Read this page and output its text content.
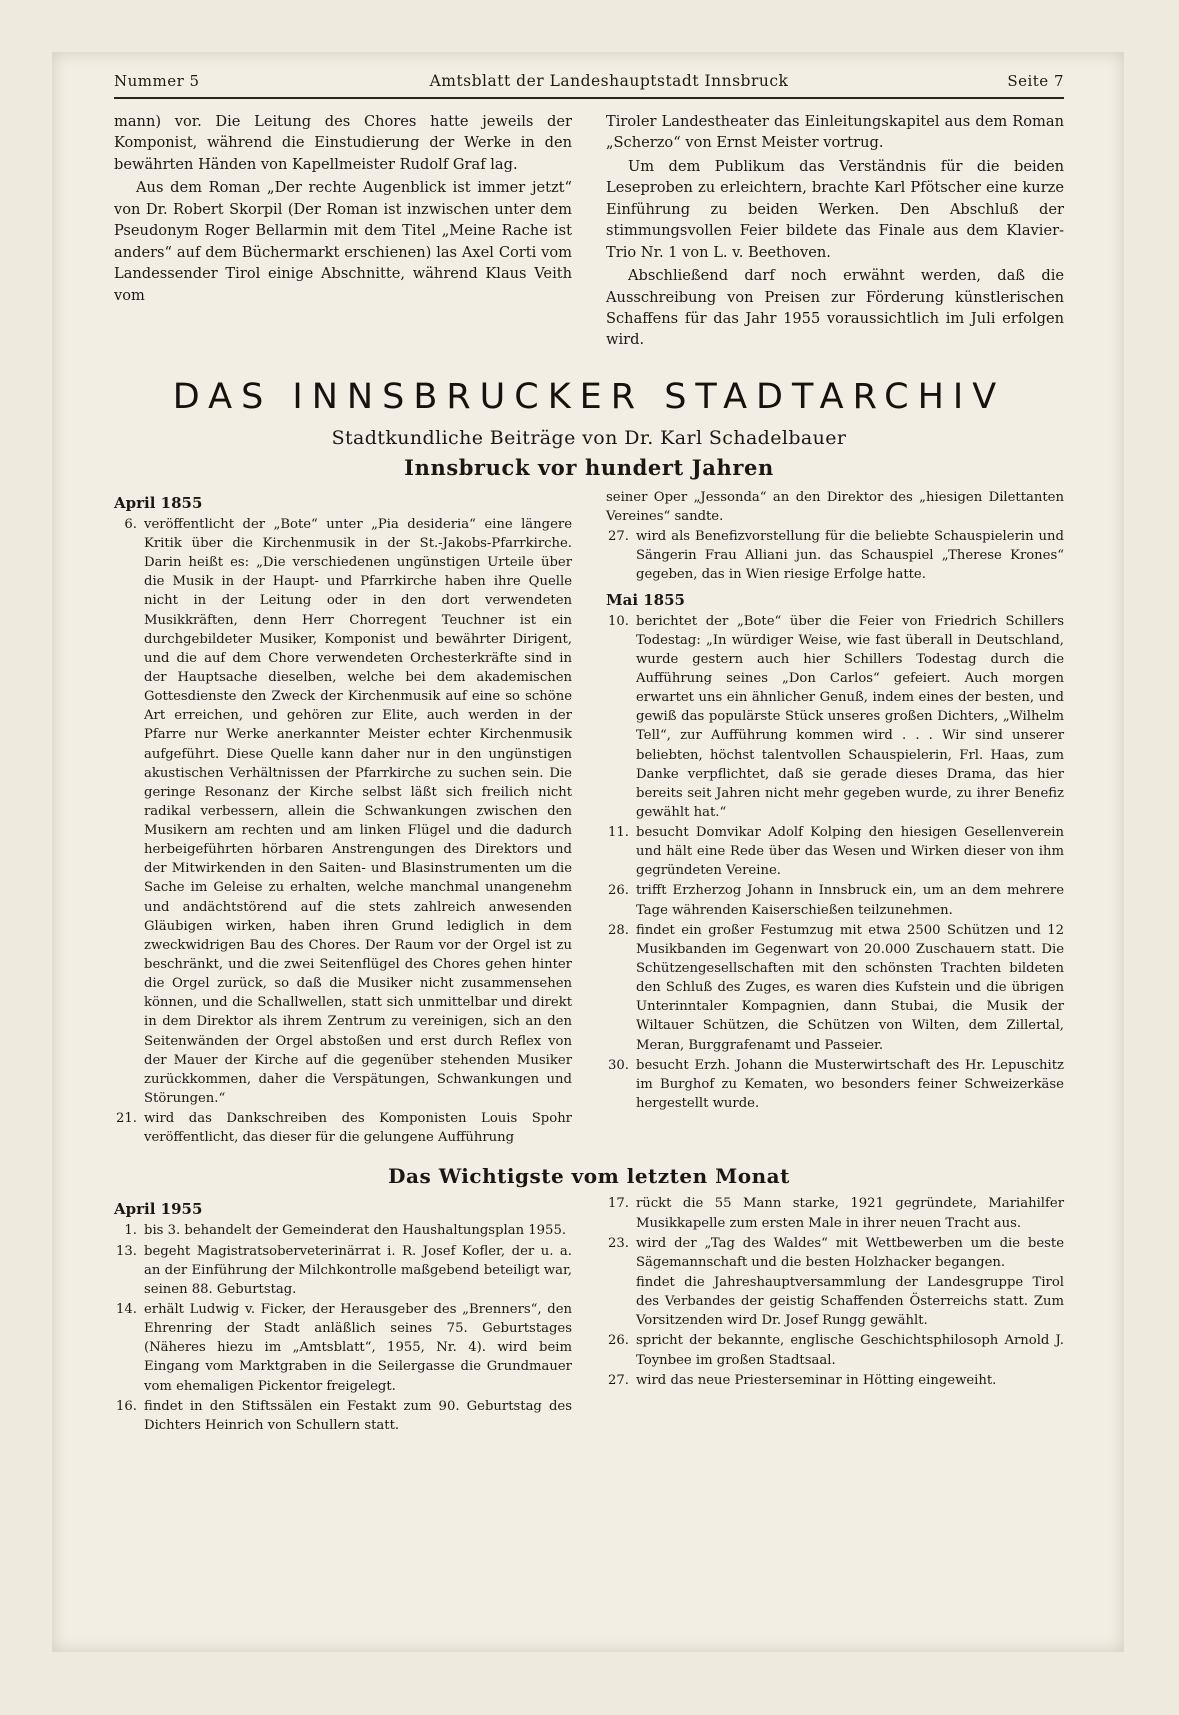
Nummer 5	Amtsblatt der Landeshauptstadt Innsbruck	Seite 7

mann) vor. Die Leitung des Chores hatte jeweils der Komponist, während die Einstudierung der Werke in den bewährten Händen von Kapellmeister Rudolf Graf lag.

Aus dem Roman „Der rechte Augenblick ist immer jetzt“ von Dr. Robert Skorpil (Der Roman ist inzwischen unter dem Pseudonym Roger Bellarmin mit dem Titel „Meine Rache ist anders“ auf dem Büchermarkt erschienen) las Axel Corti vom Landessender Tirol einige Abschnitte, während Klaus Veith vom

Tiroler Landestheater das Einleitungskapitel aus dem Roman „Scherzo“ von Ernst Meister vortrug.

Um dem Publikum das Verständnis für die beiden Leseproben zu erleichtern, brachte Karl Pfötscher eine kurze Einführung zu beiden Werken. Den Abschluß der stimmungsvollen Feier bildete das Finale aus dem Klavier-Trio Nr. 1 von L. v. Beethoven.

Abschließend darf noch erwähnt werden, daß die Ausschreibung von Preisen zur Förderung künstlerischen Schaffens für das Jahr 1955 voraussichtlich im Juli erfolgen wird.

DAS INNSBRUCKER STADTARCHIV
Stadtkundliche Beiträge von Dr. Karl Schadelbauer
Innsbruck vor hundert Jahren
April 1855
6. veröffentlicht der „Bote“ unter „Pia desideria“ eine längere Kritik über die Kirchenmusik in der St.-Jakobs-Pfarrkirche. Darin heißt es: „Die verschiedenen ungünstigen Urteile über die Musik in der Haupt- und Pfarrkirche haben ihre Quelle nicht in der Leitung oder in den dort verwendeten Musikkräften, denn Herr Chorregent Teuchner ist ein durchgebildeter Musiker, Komponist und bewährter Dirigent, und die auf dem Chore verwendeten Orchesterkräfte sind in der Hauptsache dieselben, welche bei dem akademischen Gottesdienste den Zweck der Kirchenmusik auf eine so schöne Art erreichen, und gehören zur Elite, auch werden in der Pfarre nur Werke anerkannter Meister echter Kirchenmusik aufgeführt. Diese Quelle kann daher nur in den ungünstigen akustischen Verhältnissen der Pfarrkirche zu suchen sein. Die geringe Resonanz der Kirche selbst läßt sich freilich nicht radikal verbessern, allein die Schwankungen zwischen den Musikern am rechten und am linken Flügel und die dadurch herbeigeführten hörbaren Anstrengungen des Direktors und der Mitwirkenden in den Saiten- und Blasinstrumenten um die Sache im Geleise zu erhalten, welche manchmal unangenehm und andächtstörend auf die stets zahlreich anwesenden Gläubigen wirken, haben ihren Grund lediglich in dem zweckwidrigen Bau des Chores. Der Raum vor der Orgel ist zu beschränkt, und die zwei Seitenflügel des Chores gehen hinter die Orgel zurück, so daß die Musiker nicht zusammensehen können, und die Schallwellen, statt sich unmittelbar und direkt in dem Direktor als ihrem Zentrum zu vereinigen, sich an den Seitenwänden der Orgel abstoßen und erst durch Reflex von der Mauer der Kirche auf die gegenüber stehenden Musiker zurückkommen, daher die Verspätungen, Schwankungen und Störungen.“
21. wird das Dankschreiben des Komponisten Louis Spohr veröffentlicht, das dieser für die gelungene Aufführung
seiner Oper „Jessonda“ an den Direktor des „hiesigen Dilettanten Vereines“ sandte.
27. wird als Benefizvorstellung für die beliebte Schauspielerin und Sängerin Frau Alliani jun. das Schauspiel „Therese Krones“ gegeben, das in Wien riesige Erfolge hatte.
Mai 1855
10. berichtet der „Bote“ über die Feier von Friedrich Schillers Todestag: „In würdiger Weise, wie fast überall in Deutschland, wurde gestern auch hier Schillers Todestag durch die Aufführung seines „Don Carlos“ gefeiert. Auch morgen erwartet uns ein ähnlicher Genuß, indem eines der besten, und gewiß das populärste Stück unseres großen Dichters, „Wilhelm Tell“, zur Aufführung kommen wird . . . Wir sind unserer beliebten, höchst talentvollen Schauspielerin, Frl. Haas, zum Danke verpflichtet, daß sie gerade dieses Drama, das hier bereits seit Jahren nicht mehr gegeben wurde, zu ihrer Benefiz gewählt hat.“
11. besucht Domvikar Adolf Kolping den hiesigen Gesellenverein und hält eine Rede über das Wesen und Wirken dieser von ihm gegründeten Vereine.
26. trifft Erzherzog Johann in Innsbruck ein, um an dem mehrere Tage währenden Kaiserschießen teilzunehmen.
28. findet ein großer Festumzug mit etwa 2500 Schützen und 12 Musikbanden im Gegenwart von 20.000 Zuschauern statt. Die Schützengesellschaften mit den schönsten Trachten bildeten den Schluß des Zuges, es waren dies Kufstein und die übrigen Unterinntaler Kompagnien, dann Stubai, die Musik der Wiltauer Schützen, die Schützen von Wilten, dem Zillertal, Meran, Burggrafenamt und Passeier.
30. besucht Erzh. Johann die Musterwirtschaft des Hr. Lepuschitz im Burghof zu Kematen, wo besonders feiner Schweizerkäse hergestellt wurde.
Das Wichtigste vom letzten Monat
April 1955
1. bis 3. behandelt der Gemeinderat den Haushaltungsplan 1955.
13. begeht Magistratsoberveterinärrat i. R. Josef Kofler, der u. a. an der Einführung der Milchkontrolle maßgebend beteiligt war, seinen 88. Geburtstag.
14. erhält Ludwig v. Ficker, der Herausgeber des „Brenners“, den Ehrenring der Stadt anläßlich seines 75. Geburtstages (Näheres hiezu im „Amtsblatt“, 1955, Nr. 4). wird beim Eingang vom Marktgraben in die Seilergasse die Grundmauer vom ehemaligen Pickentor freigelegt.
16. findet in den Stiftssälen ein Festakt zum 90. Geburtstag des Dichters Heinrich von Schullern statt.
17. rückt die 55 Mann starke, 1921 gegründete, Mariahilfer Musikkapelle zum ersten Male in ihrer neuen Tracht aus.
23. wird der „Tag des Waldes“ mit Wettbewerben um die beste Sägemannschaft und die besten Holzhacker begangen.
findet die Jahreshauptversammlung der Landesgruppe Tirol des Verbandes der geistig Schaffenden Österreichs statt. Zum Vorsitzenden wird Dr. Josef Rungg gewählt.
26. spricht der bekannte, englische Geschichtsphilosoph Arnold J. Toynbee im großen Stadtsaal.
27. wird das neue Priesterseminar in Hötting eingeweiht.
